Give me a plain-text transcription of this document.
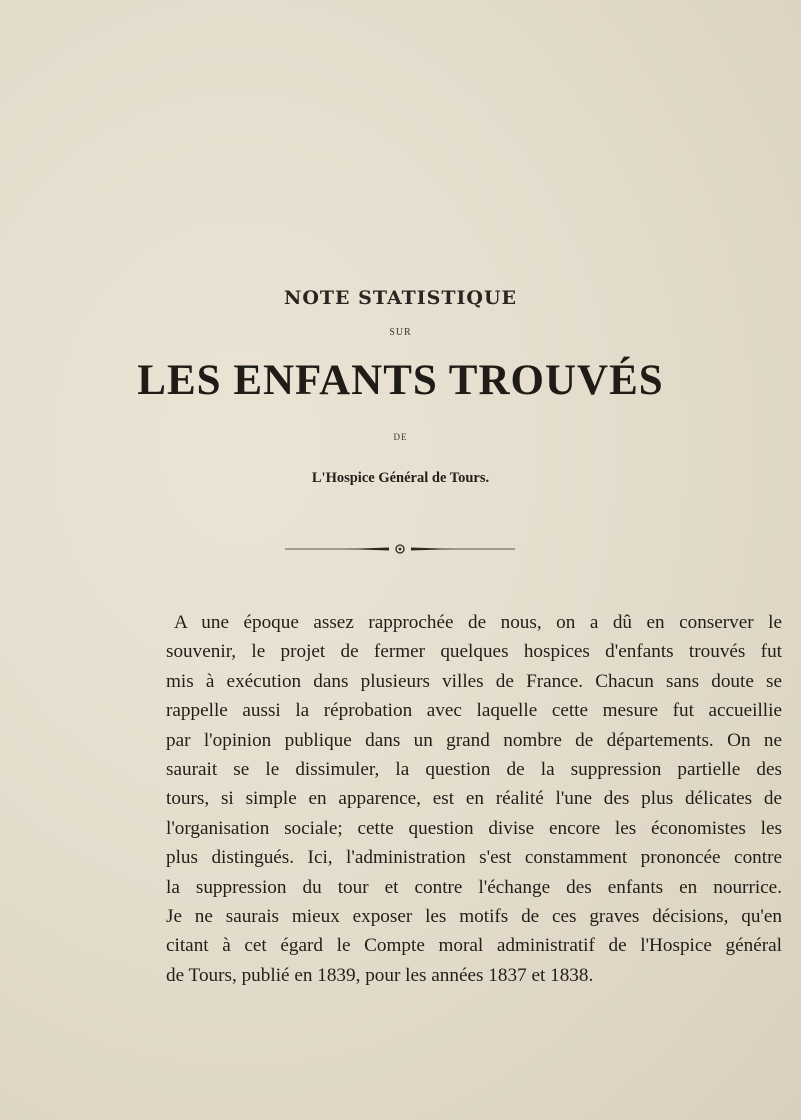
NOTE STATISTIQUE
SUR
LES ENFANTS TROUVÉS
DE
L'Hospice Général de Tours.
A une époque assez rapprochée de nous, on a dû en conserver le
souvenir, le projet de fermer quelques hospices d'enfants trouvés fut
mis à exécution dans plusieurs villes de France. Chacun sans doute se
rappelle aussi la réprobation avec laquelle cette mesure fut accueillie
par l'opinion publique dans un grand nombre de départements. On ne
saurait se le dissimuler, la question de la suppression partielle des
tours, si simple en apparence, est en réalité l'une des plus délicates de
l'organisation sociale; cette question divise encore les économistes les
plus distingués. Ici, l'administration s'est constamment prononcée contre
la suppression du tour et contre l'échange des enfants en nourrice.
Je ne saurais mieux exposer les motifs de ces graves décisions, qu'en
citant à cet égard le Compte moral administratif de l'Hospice général
de Tours, publié en 1839, pour les années 1837 et 1838.
